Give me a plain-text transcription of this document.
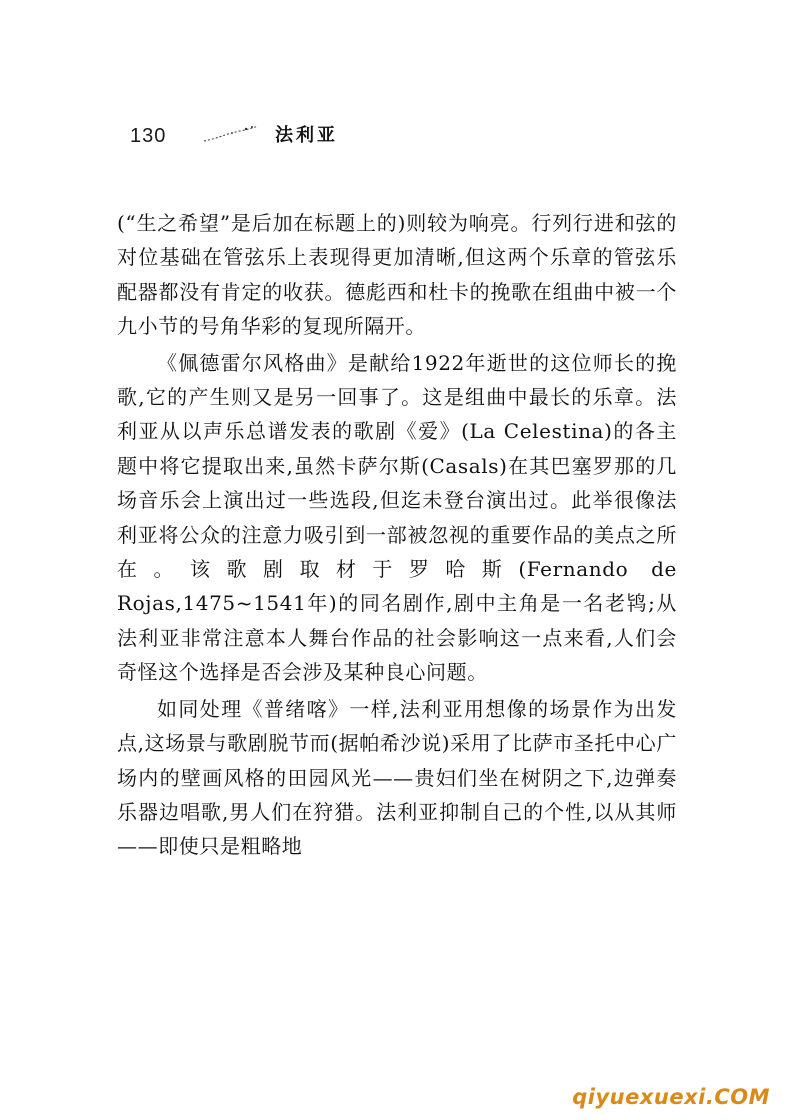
130	法利亚

(“生之希望”是后加在标题上的)则较为响亮。行列行进和弦的对位基础在管弦乐上表现得更加清晰,但这两个乐章的管弦乐配器都没有肯定的收获。德彪西和杜卡的挽歌在组曲中被一个九小节的号角华彩的复现所隔开。

《佩德雷尔风格曲》是献给1922年逝世的这位师长的挽歌,它的产生则又是另一回事了。这是组曲中最长的乐章。法利亚从以声乐总谱发表的歌剧《爱》(La Celestina)的各主题中将它提取出来,虽然卡萨尔斯(Casals)在其巴塞罗那的几场音乐会上演出过一些选段,但迄未登台演出过。此举很像法利亚将公众的注意力吸引到一部被忽视的重要作品的美点之所在。该歌剧取材于罗哈斯(Fernando de Rojas,1475~1541年)的同名剧作,剧中主角是一名老鸨;从法利亚非常注意本人舞台作品的社会影响这一点来看,人们会奇怪这个选择是否会涉及某种良心问题。

如同处理《普绪喀》一样,法利亚用想像的场景作为出发点,这场景与歌剧脱节而(据帕希沙说)采用了比萨市圣托中心广场内的壁画风格的田园风光——贵妇们坐在树阴之下,边弹奏乐器边唱歌,男人们在狩猎。法利亚抑制自己的个性,以从其师——即使只是粗略地

qiyuexuexi.COM
